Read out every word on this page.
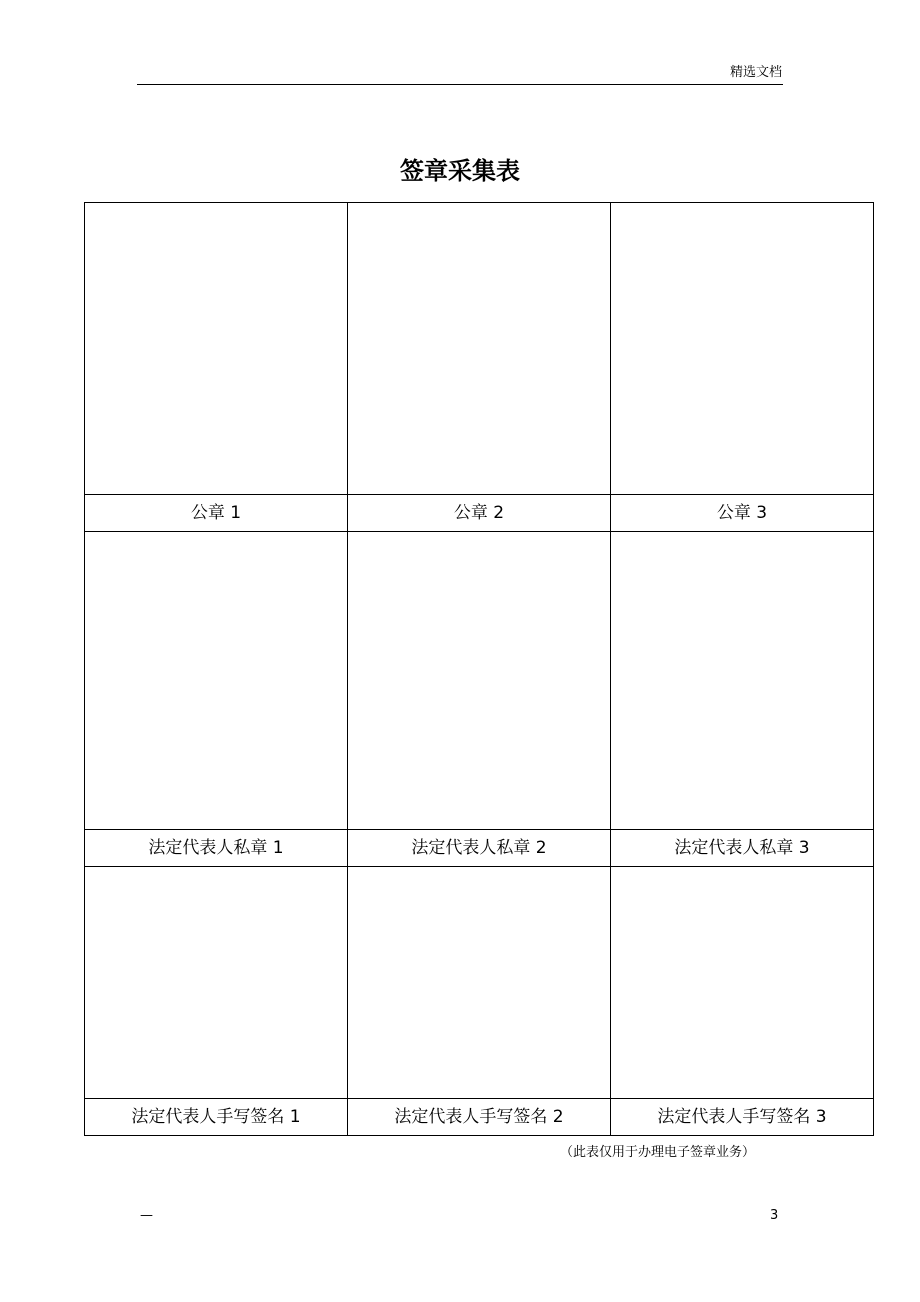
精选文档
签章采集表

公章 1	公章 2	公章 3

法定代表人私章 1	法定代表人私章 2	法定代表人私章 3

法定代表人手写签名 1	法定代表人手写签名 2	法定代表人手写签名 3
（此表仅用于办理电子签章业务）
—	3
